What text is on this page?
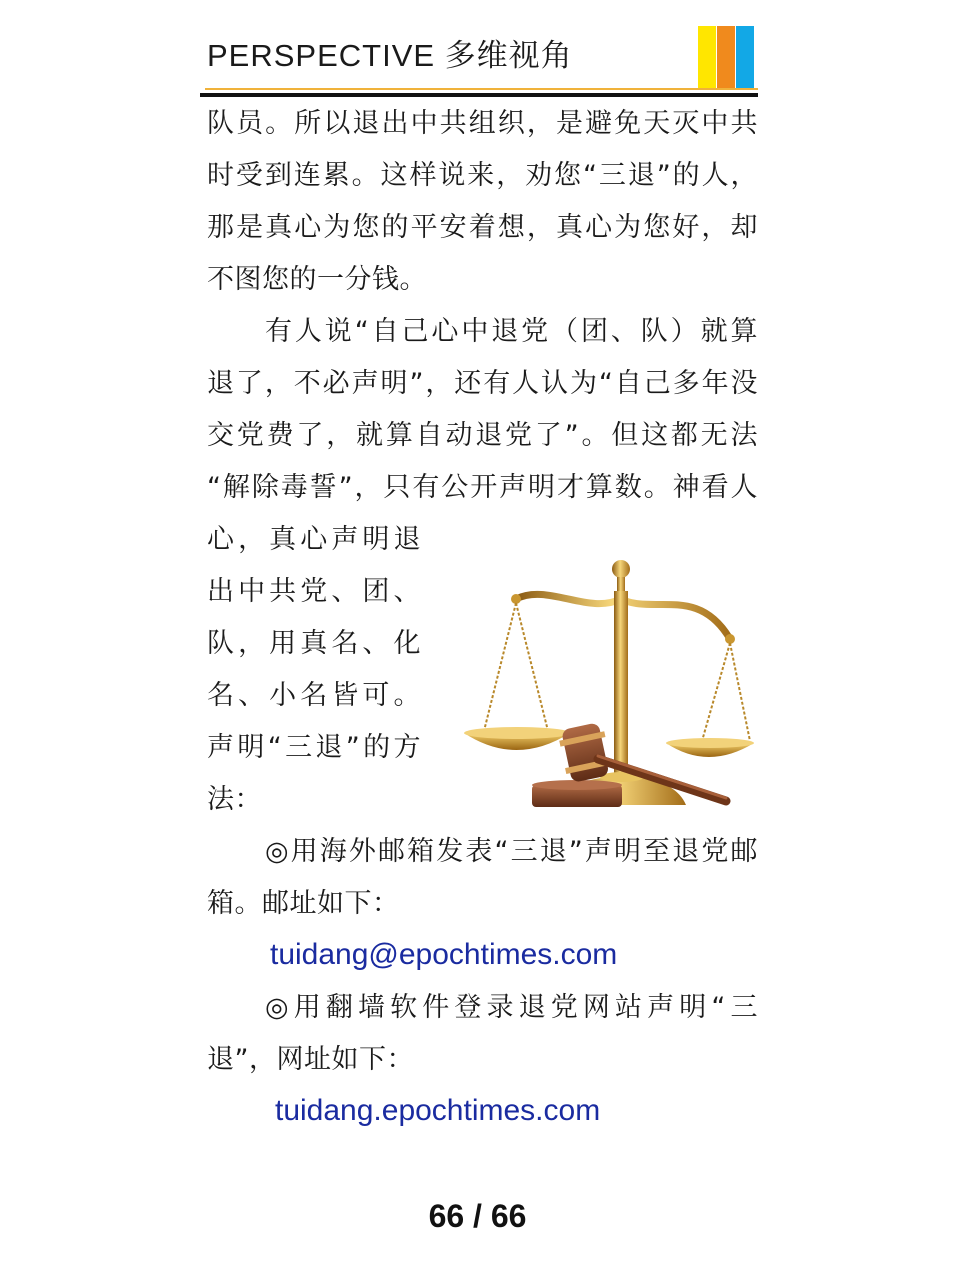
PERSPECTIVE 多维视角
队员。所以退出中共组织，是避免天灭中共
时受到连累。这样说来，劝您“三退”的人，
那是真心为您的平安着想，真心为您好，却
不图您的一分钱。
有人说“自己心中退党（团、队）就算
退了，不必声明”，还有人认为“自己多年没
交党费了，就算自动退党了”。但这都无法
“解除毒誓”，只有公开声明才算数。神看人
心，真心声明退
出中共党、团、
队，用真名、化
名、小名皆可。
声明“三退”的方
法：
◎用海外邮箱发表“三退”声明至退党邮
箱。邮址如下：
tuidang@epochtimes.com
◎用翻墙软件登录退党网站声明“三
退”，网址如下：
tuidang.epochtimes.com
66 / 66
